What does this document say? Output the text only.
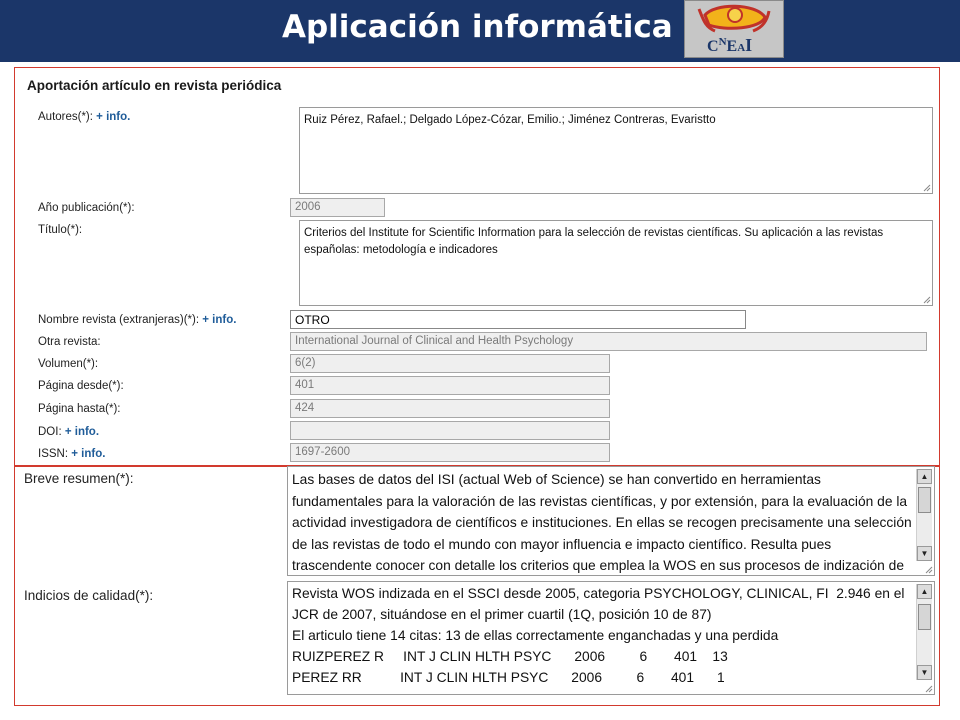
Aplicación informática
$C^NEAI$
Aportación artículo en revista periódica
Autores(*): + info.	Ruiz Pérez, Rafael.; Delgado López-Cózar, Emilio.; Jiménez Contreras, Evaristto
Año publicación(*):	2006
Título(*):	Criterios del Institute for Scientific Information para la selección de revistas científicas. Su aplicación a las revistas españolas: metodología e indicadores
Nombre revista (extranjeras)(*): + info.	OTRO
Otra revista:	International Journal of Clinical and Health Psychology
Volumen(*):	6(2)
Página desde(*):	401
Página hasta(*):	424
DOI: + info.
ISSN: + info.	1697-2600
Breve resumen(*):	Las bases de datos del ISI (actual Web of Science) se han convertido en herramientas fundamentales para la valoración de las revistas científicas, y por extensión, para la evaluación de la actividad investigadora de científicos e instituciones. En ellas se recogen precisamente una selección de las revistas de todo el mundo con mayor influencia e impacto científico. Resulta pues trascendente conocer con detalle los criterios que emplea la WOS en sus procesos de indización de
▲
▼
Indicios de calidad(*):	Revista WOS indizada en el SSCI desde 2005, categoria PSYCHOLOGY, CLINICAL, FI  2.946 en el JCR de 2007, situándose en el primer cuartil (1Q, posición 10 de 87)
El articulo tiene 14 citas: 13 de ellas correctamente enganchadas y una perdida
RUIZPEREZ R     INT J CLIN HLTH PSYC      2006         6       401    13
PEREZ RR          INT J CLIN HLTH PSYC      2006         6       401      1
▲
▼
